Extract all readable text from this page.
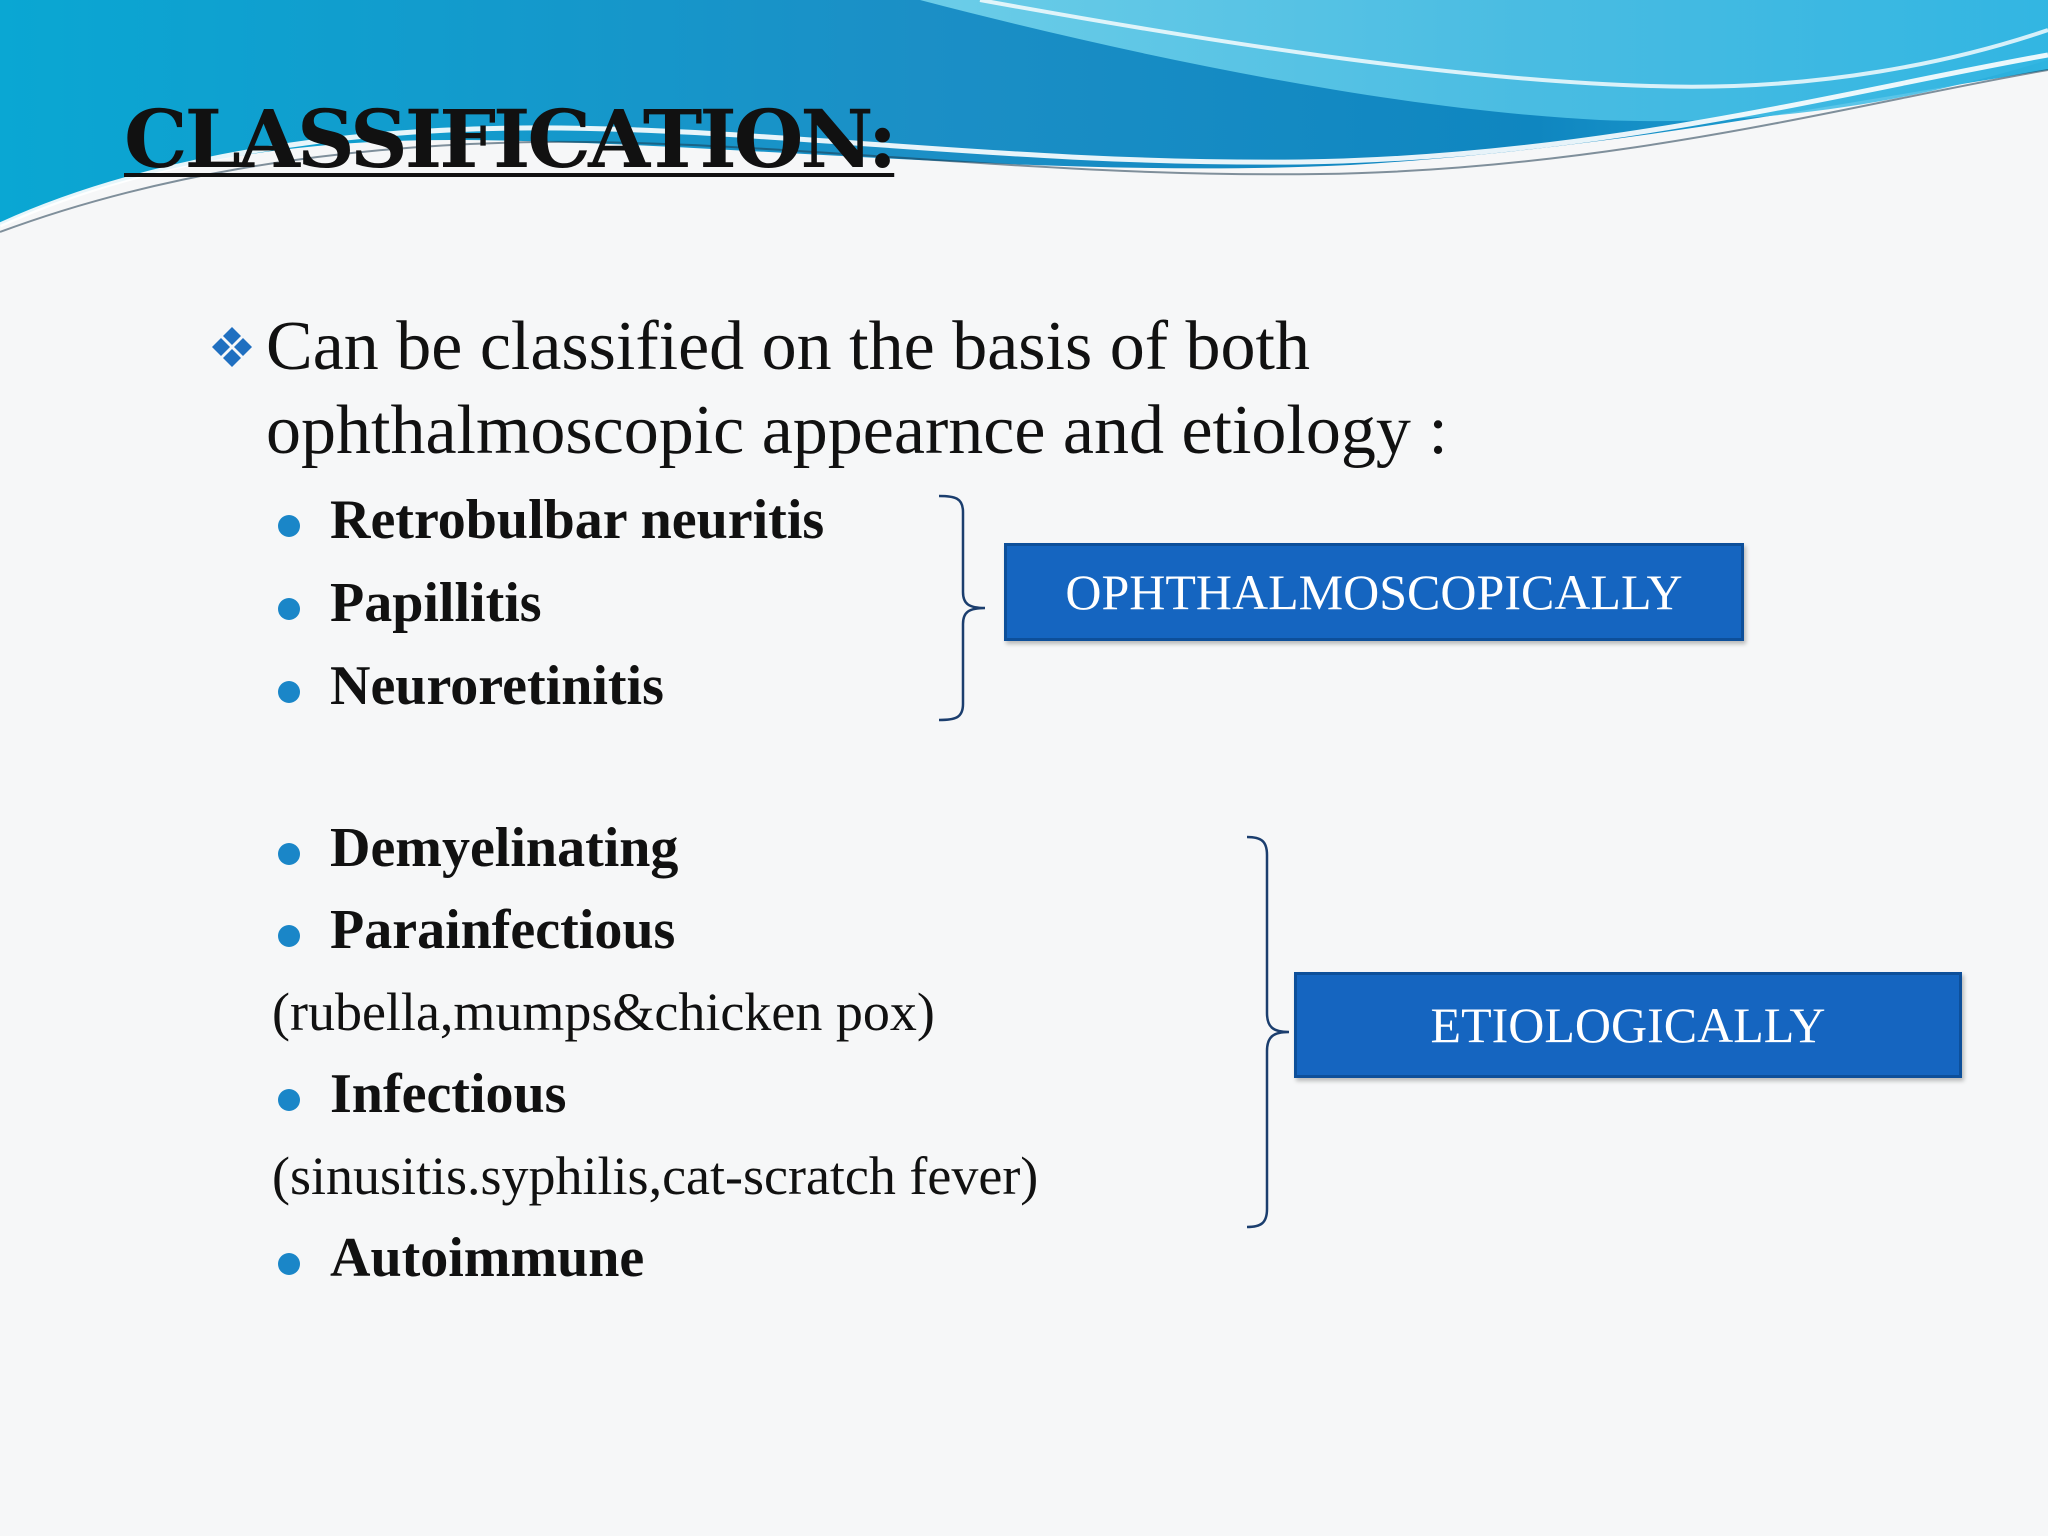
CLASSIFICATION:

Can be classified on the basis of both

ophthalmoscopic appearnce and etiology :

Retrobulbar neuritis
Papillitis
Neuroretinitis
OPHTHALMOSCOPICALLY
Demyelinating
Parainfectious
(rubella,mumps&chicken pox)
Infectious
(sinusitis.syphilis,cat-scratch fever)
Autoimmune
ETIOLOGICALLY
